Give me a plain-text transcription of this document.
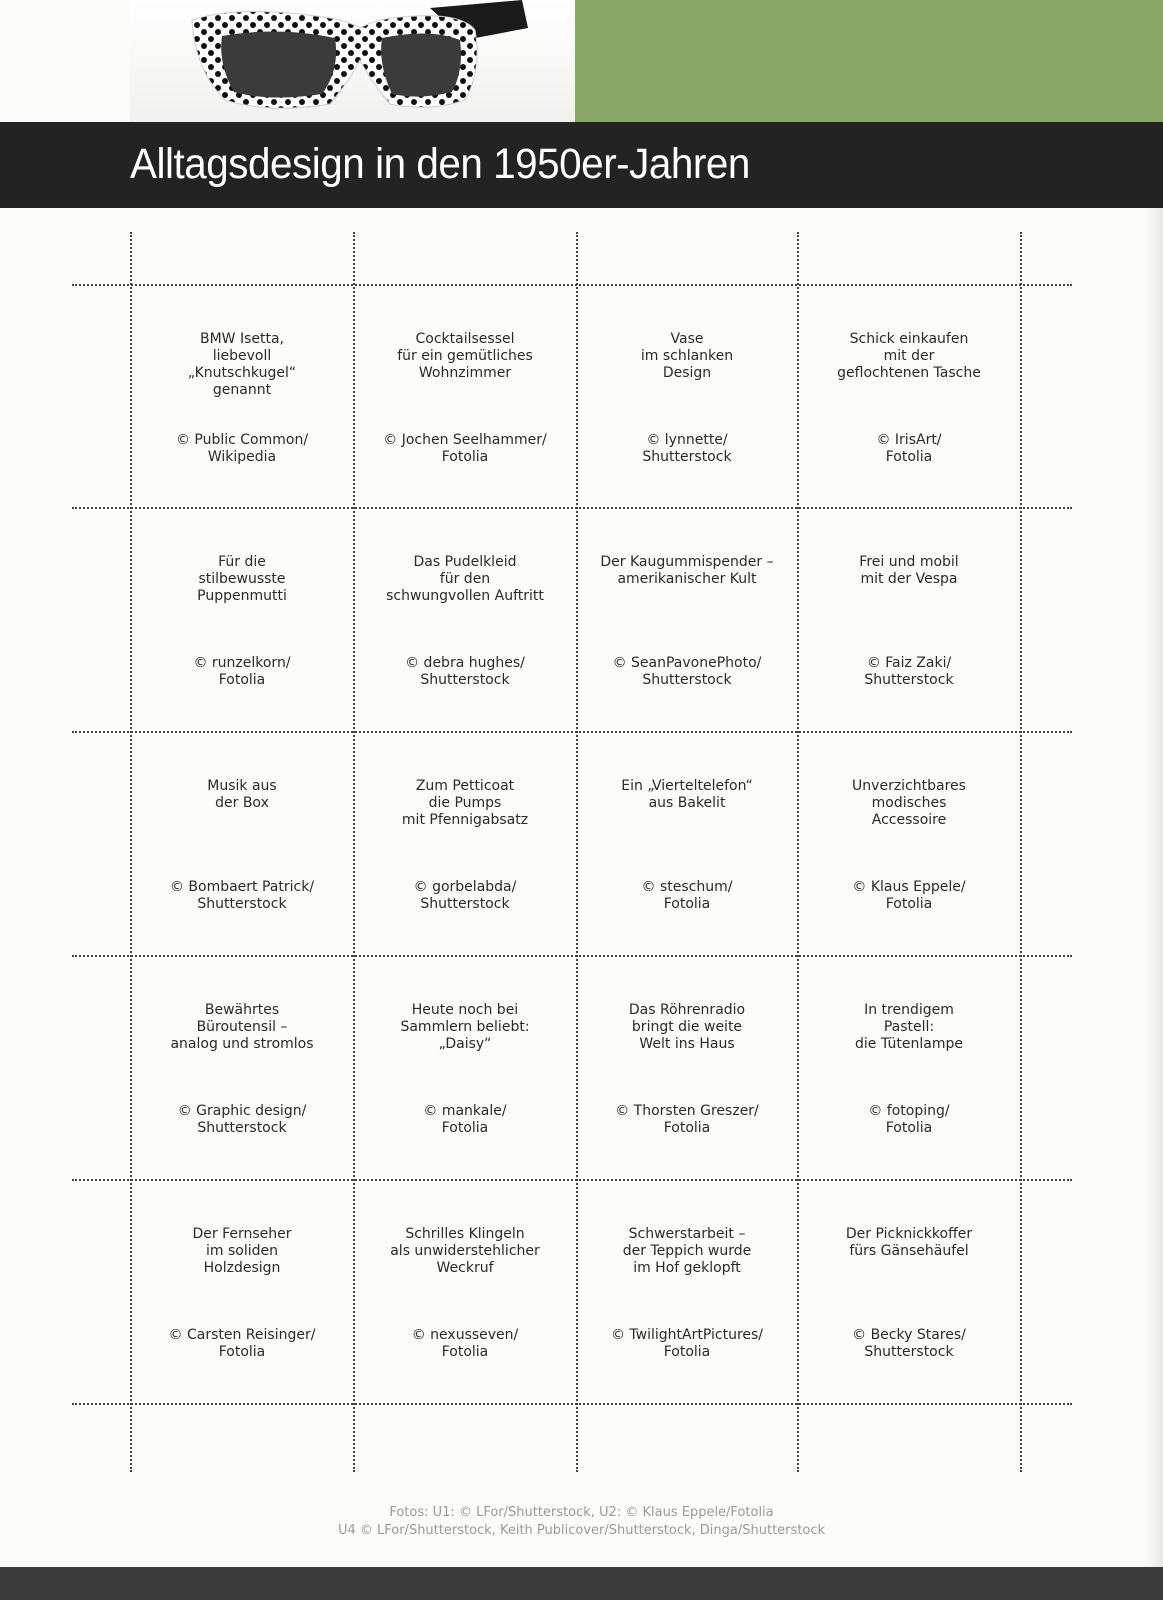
Alltagsdesign in den 1950er-Jahren
BMW Isetta,
liebevoll
„Knutschkugel“
genannt
© Public Common/
Wikipedia
Cocktailsessel
für ein gemütliches
Wohnzimmer
© Jochen Seelhammer/
Fotolia
Vase
im schlanken
Design
© lynnette/
Shutterstock
Schick einkaufen
mit der
geflochtenen Tasche
© IrisArt/
Fotolia
Für die
stilbewusste
Puppenmutti
© runzelkorn/
Fotolia
Das Pudelkleid
für den
schwungvollen Auftritt
© debra hughes/
Shutterstock
Der Kaugummispender –
amerikanischer Kult
© SeanPavonePhoto/
Shutterstock
Frei und mobil
mit der Vespa
© Faiz Zaki/
Shutterstock
Musik aus
der Box
© Bombaert Patrick/
Shutterstock
Zum Petticoat
die Pumps
mit Pfennigabsatz
© gorbelabda/
Shutterstock
Ein „Vierteltelefon“
aus Bakelit
© steschum/
Fotolia
Unverzichtbares
modisches
Accessoire
© Klaus Eppele/
Fotolia
Bewährtes
Büroutensil –
analog und stromlos
© Graphic design/
Shutterstock
Heute noch bei
Sammlern beliebt:
„Daisy“
© mankale/
Fotolia
Das Röhrenradio
bringt die weite
Welt ins Haus
© Thorsten Greszer/
Fotolia
In trendigem
Pastell:
die Tütenlampe
© fotoping/
Fotolia
Der Fernseher
im soliden
Holzdesign
© Carsten Reisinger/
Fotolia
Schrilles Klingeln
als unwiderstehlicher
Weckruf
© nexusseven/
Fotolia
Schwerstarbeit –
der Teppich wurde
im Hof geklopft
© TwilightArtPictures/
Fotolia
Der Picknickkoffer
fürs Gänsehäufel
© Becky Stares/
Shutterstock
Fotos: U1: © LFor/Shutterstock, U2: © Klaus Eppele/Fotolia
U4 © LFor/Shutterstock, Keith Publicover/Shutterstock, Dinga/Shutterstock
